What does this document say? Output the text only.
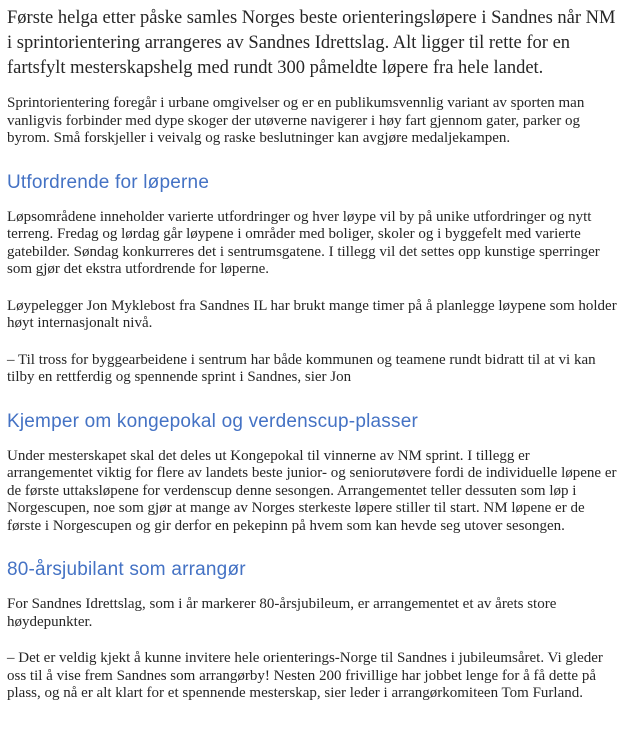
Første helga etter påske samles Norges beste orienteringsløpere i Sandnes når NM i sprintorientering arrangeres av Sandnes Idrettslag. Alt ligger til rette for en fartsfylt mesterskapshelg med rundt 300 påmeldte løpere fra hele landet.

Sprintorientering foregår i urbane omgivelser og er en publikumsvennlig variant av sporten man vanligvis forbinder med dype skoger der utøverne navigerer i høy fart gjennom gater, parker og byrom. Små forskjeller i veivalg og raske beslutninger kan avgjøre medaljekampen.

Utfordrende for løperne

Løpsområdene inneholder varierte utfordringer og hver løype vil by på unike utfordringer og nytt terreng. Fredag og lørdag går løypene i områder med boliger, skoler og i byggefelt med varierte gatebilder. Søndag konkurreres det i sentrumsgatene. I tillegg vil det settes opp kunstige sperringer som gjør det ekstra utfordrende for løperne.

Løypelegger Jon Myklebost fra Sandnes IL har brukt mange timer på å planlegge løypene som holder høyt internasjonalt nivå.

– Til tross for byggearbeidene i sentrum har både kommunen og teamene rundt bidratt til at vi kan tilby en rettferdig og spennende sprint i Sandnes, sier Jon

Kjemper om kongepokal og verdenscup-plasser

Under mesterskapet skal det deles ut Kongepokal til vinnerne av NM sprint. I tillegg er arrangementet viktig for flere av landets beste junior- og seniorutøvere fordi de individuelle løpene er de første uttaksløpene for verdenscup denne sesongen. Arrangementet teller dessuten som løp i Norgescupen, noe som gjør at mange av Norges sterkeste løpere stiller til start. NM løpene er de første i Norgescupen og gir derfor en pekepinn på hvem som kan hevde seg utover sesongen.

80-årsjubilant som arrangør

For Sandnes Idrettslag, som i år markerer 80-årsjubileum, er arrangementet et av årets store høydepunkter.

– Det er veldig kjekt å kunne invitere hele orienterings-Norge til Sandnes i jubileumsåret. Vi gleder oss til å vise frem Sandnes som arrangørby! Nesten 200 frivillige har jobbet lenge for å få dette på plass, og nå er alt klart for et spennende mesterskap, sier leder i arrangørkomiteen Tom Furland.
